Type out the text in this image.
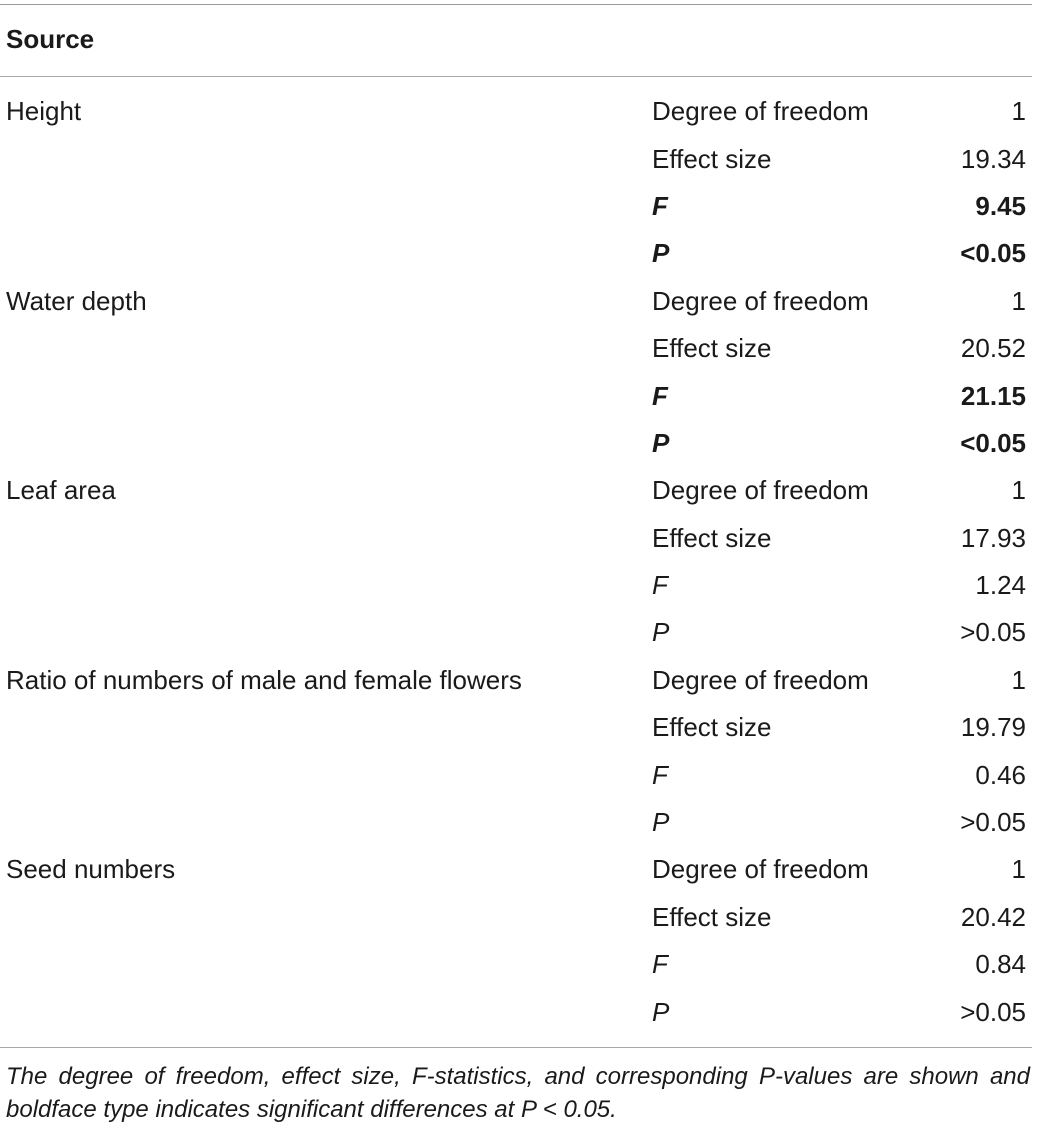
Source
Height	Degree of freedom	1
	Effect size	19.34
	F	9.45
	P	<0.05
Water depth	Degree of freedom	1
	Effect size	20.52
	F	21.15
	P	<0.05
Leaf area	Degree of freedom	1
	Effect size	17.93
	F	1.24
	P	>0.05
Ratio of numbers of male and female flowers	Degree of freedom	1
	Effect size	19.79
	F	0.46
	P	>0.05
Seed numbers	Degree of freedom	1
	Effect size	20.42
	F	0.84
	P	>0.05
The degree of freedom, effect size, F-statistics, and corresponding P-values are shown and boldface type indicates significant differences at P < 0.05.
